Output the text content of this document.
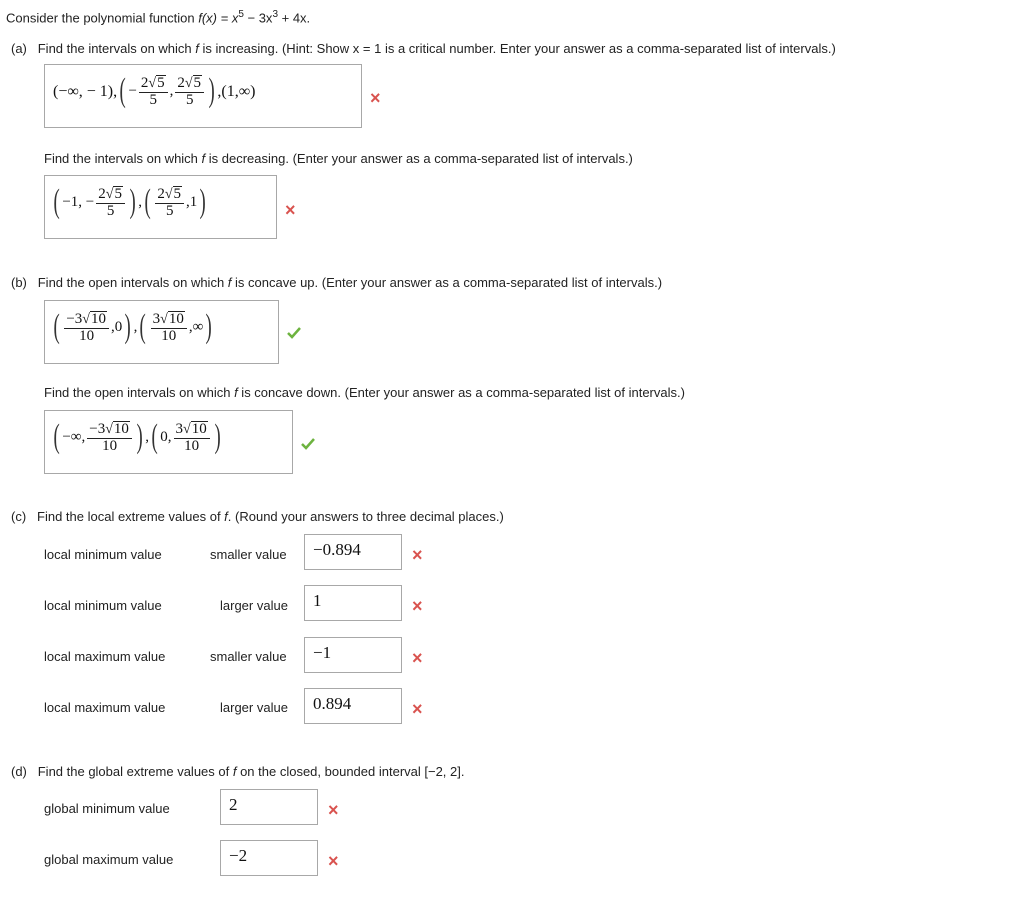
Consider the polynomial function $f(x) = x^5 - 3x^3 + 4x$.
(a) Find the intervals on which f is increasing. (Hint: Show x = 1 is a critical number. Enter your answer as a comma-separated list of intervals.)
(−∞, − 1), ( − $\frac{2 √ 5}{5}$ , $\frac{2 √ 5}{5}$ ) ,(1,∞)	×
Find the intervals on which f is decreasing. (Enter your answer as a comma-separated list of intervals.)
( −1, − $\frac{2 √ 5}{5}$ ) , ( $\frac{2 √ 5}{5} ,1$ )	×
(b) Find the open intervals on which f is concave up. (Enter your answer as a comma-separated list of intervals.)
( $\frac{-3 √ 10}{10} ,0$ ) , ( $\frac{3 √ 10}{10}$ ,∞ )
Find the open intervals on which f is concave down. (Enter your answer as a comma-separated list of intervals.)
( −∞, $\frac{-3 √ 10}{10}$ ) , ( 0, $\frac{3 √ 10}{10}$ )
(c) Find the local extreme values of f. (Round your answers to three decimal places.)
local minimum value	smaller value	−0.894	×
local minimum value	larger value	1	×
local maximum value	smaller value	−1	×
local maximum value	larger value	0.894	×
(d) Find the global extreme values of f on the closed, bounded interval [−2, 2].
global minimum value	2	×
global maximum value	−2	×
